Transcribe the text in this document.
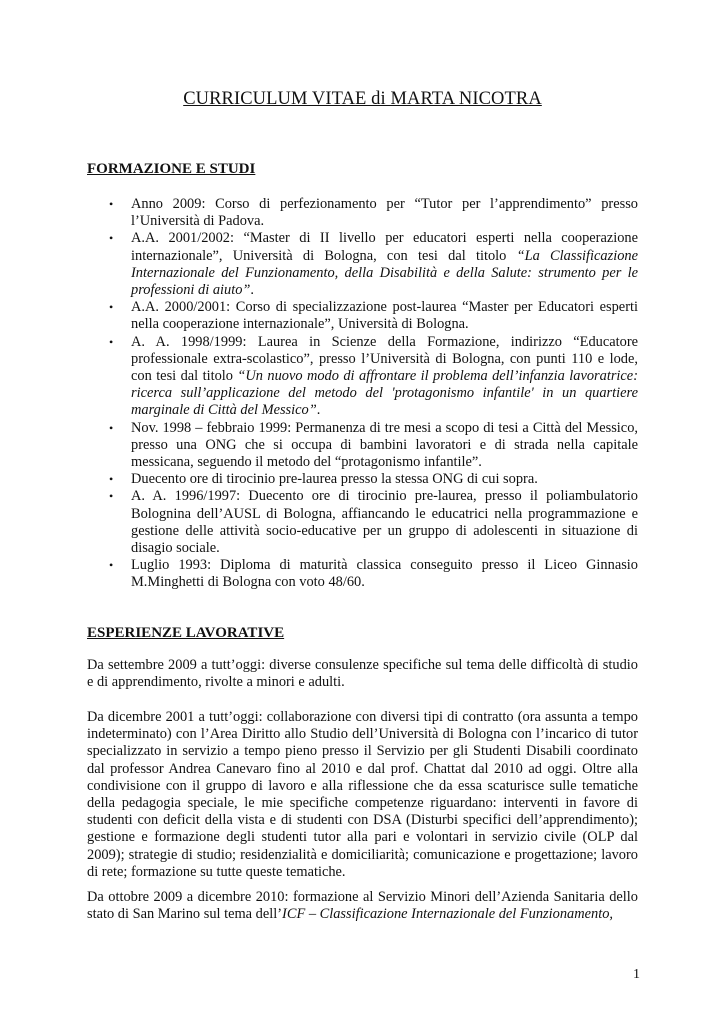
CURRICULUM VITAE di MARTA NICOTRA
FORMAZIONE E STUDI
• Anno 2009: Corso di perfezionamento per “Tutor per l’apprendimento” presso l’Università di Padova.
• A.A. 2001/2002: “Master di II livello per educatori esperti nella cooperazione internazionale”, Università di Bologna, con tesi dal titolo “La Classificazione Internazionale del Funzionamento, della Disabilità e della Salute: strumento per le professioni di aiuto”.
• A.A. 2000/2001: Corso di specializzazione post-laurea “Master per Educatori esperti nella cooperazione internazionale”, Università di Bologna.
• A. A. 1998/1999: Laurea in Scienze della Formazione, indirizzo “Educatore professionale extra-scolastico”, presso l’Università di Bologna, con punti 110 e lode, con tesi dal titolo “Un nuovo modo di affrontare il problema dell’infanzia lavoratrice: ricerca sull’applicazione del metodo del 'protagonismo infantile' in un quartiere marginale di Città del Messico”.
• Nov. 1998 – febbraio 1999: Permanenza di tre mesi a scopo di tesi a Città del Messico, presso una ONG che si occupa di bambini lavoratori e di strada nella capitale messicana, seguendo il metodo del “protagonismo infantile”.
• Duecento ore di tirocinio pre-laurea presso la stessa ONG di cui sopra.
• A. A. 1996/1997: Duecento ore di tirocinio pre-laurea, presso il poliambulatorio Bolognina dell’AUSL di Bologna, affiancando le educatrici nella programmazione e gestione delle attività socio-educative per un gruppo di adolescenti in situazione di disagio sociale.
• Luglio 1993: Diploma di maturità classica conseguito presso il Liceo Ginnasio M.Minghetti di Bologna con voto 48/60.
ESPERIENZE LAVORATIVE

Da settembre 2009 a tutt’oggi: diverse consulenze specifiche sul tema delle difficoltà di studio e di apprendimento, rivolte a minori e adulti.

Da dicembre 2001 a tutt’oggi: collaborazione con diversi tipi di contratto (ora assunta a tempo indeterminato) con l’Area Diritto allo Studio dell’Università di Bologna con l’incarico di tutor specializzato in servizio a tempo pieno presso il Servizio per gli Studenti Disabili coordinato dal professor Andrea Canevaro fino al 2010 e dal prof. Chattat dal 2010 ad oggi. Oltre alla condivisione con il gruppo di lavoro e alla riflessione che da essa scaturisce sulle tematiche della pedagogia speciale, le mie specifiche competenze riguardano: interventi in favore di studenti con deficit della vista e di studenti con DSA (Disturbi specifici dell’apprendimento); gestione e formazione degli studenti tutor alla pari e volontari in servizio civile (OLP dal 2009); strategie di studio; residenzialità e domiciliarità; comunicazione e progettazione; lavoro di rete; formazione su tutte queste tematiche.

Da ottobre 2009 a dicembre 2010: formazione al Servizio Minori dell’Azienda Sanitaria dello stato di San Marino sul tema dell’ICF – Classificazione Internazionale del Funzionamento,

1
